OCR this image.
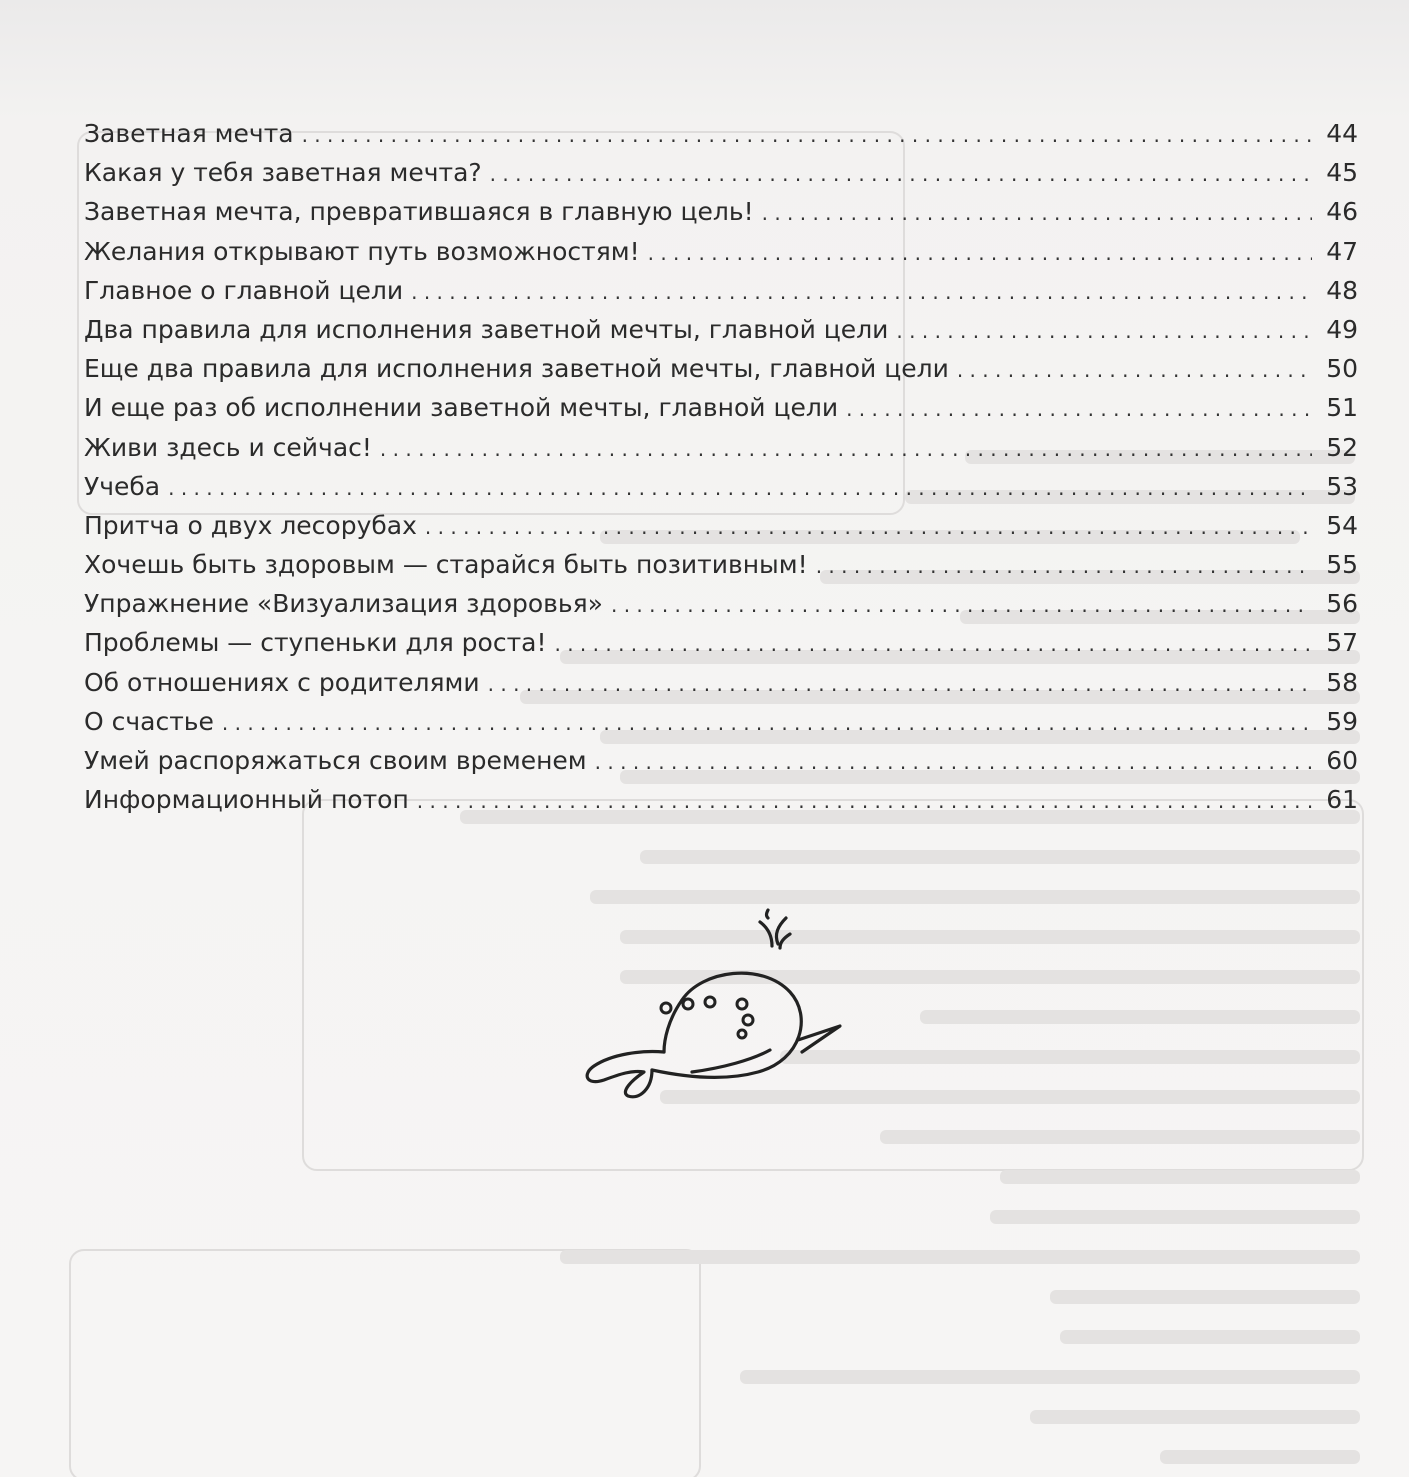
Заветная мечта . . .	44
Какая у тебя заветная мечта? . . .	45
Заветная мечта, превратившаяся в главную цель! . . .	46
Желания открывают путь возможностям! . . .	47
Главное о главной цели . . .	48
Два правила для исполнения заветной мечты, главной цели . . .	49
Еще два правила для исполнения заветной мечты, главной цели . . .	50
И еще раз об исполнении заветной мечты, главной цели . . .	51
Живи здесь и сейчас! . . .	52
Учеба . . .	53
Притча о двух лесорубах . . .	54
Хочешь быть здоровым — старайся быть позитивным! . . .	55
Упражнение «Визуализация здоровья» . . .	56
Проблемы — ступеньки для роста! . . .	57
Об отношениях с родителями . . .	58
О счастье . . .	59
Умей распоряжаться своим временем . . .	60
Информационный потоп . . .	61
